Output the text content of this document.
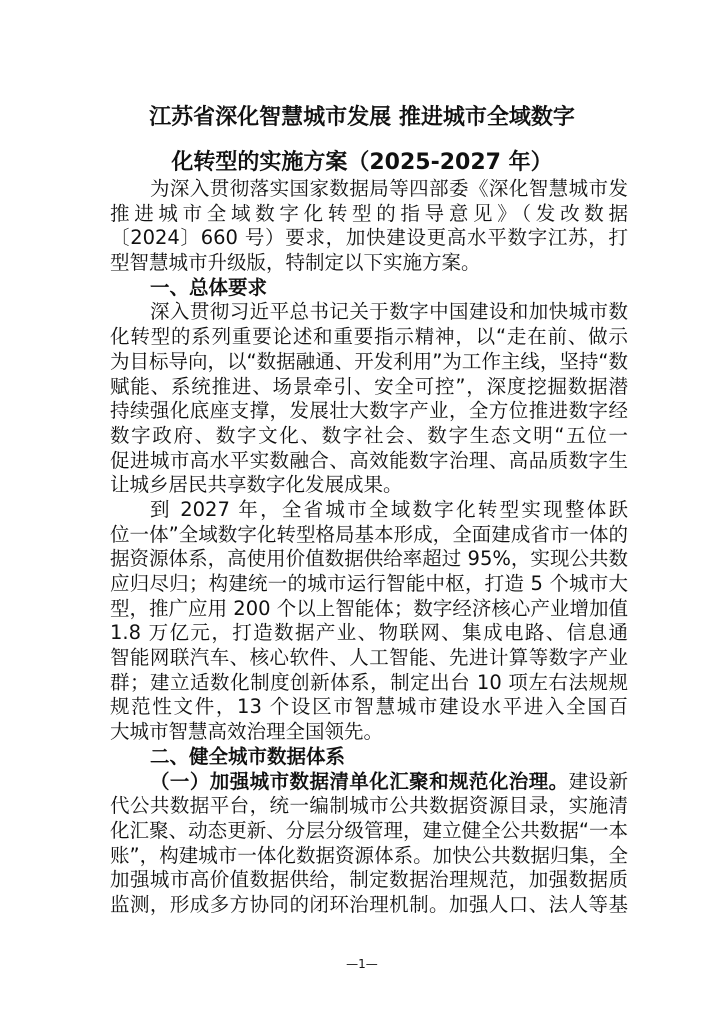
江苏省深化智慧城市发展 推进城市全域数字
化转型的实施方案（2025-2027 年）
为深入贯彻落实国家数据局等四部委《深化智慧城市发
推进城市全域数字化转型的指导意见》（发改数据
〔2024〕660 号）要求，加快建设更高水平数字江苏，打
型智慧城市升级版，特制定以下实施方案。
一、总体要求
深入贯彻习近平总书记关于数字中国建设和加快城市数
化转型的系列重要论述和重要指示精神，以“走在前、做示
为目标导向，以“数据融通、开发利用”为工作主线，坚持“数
赋能、系统推进、场景牵引、安全可控”，深度挖掘数据潜
持续强化底座支撑，发展壮大数字产业，全方位推进数字经
数字政府、数字文化、数字社会、数字生态文明“五位一
促进城市高水平实数融合、高效能数字治理、高品质数字生
让城乡居民共享数字化发展成果。
到 2027 年，全省城市全域数字化转型实现整体跃
位一体”全域数字化转型格局基本形成，全面建成省市一体的
据资源体系，高使用价值数据供给率超过 95%，实现公共数
应归尽归；构建统一的城市运行智能中枢，打造 5 个城市大
型，推广应用 200 个以上智能体；数字经济核心产业增加值
1.8 万亿元，打造数据产业、物联网、集成电路、信息通
智能网联汽车、核心软件、人工智能、先进计算等数字产业
群；建立适数化制度创新体系，制定出台 10 项左右法规规
规范性文件，13 个设区市智慧城市建设水平进入全国百
大城市智慧高效治理全国领先。
二、健全城市数据体系
（一）加强城市数据清单化汇聚和规范化治理。建设新
代公共数据平台，统一编制城市公共数据资源目录，实施清
化汇聚、动态更新、分层分级管理，建立健全公共数据“一本
账”，构建城市一体化数据资源体系。加快公共数据归集，全
加强城市高价值数据供给，制定数据治理规范，加强数据质
监测，形成多方协同的闭环治理机制。加强人口、法人等基
—1—
